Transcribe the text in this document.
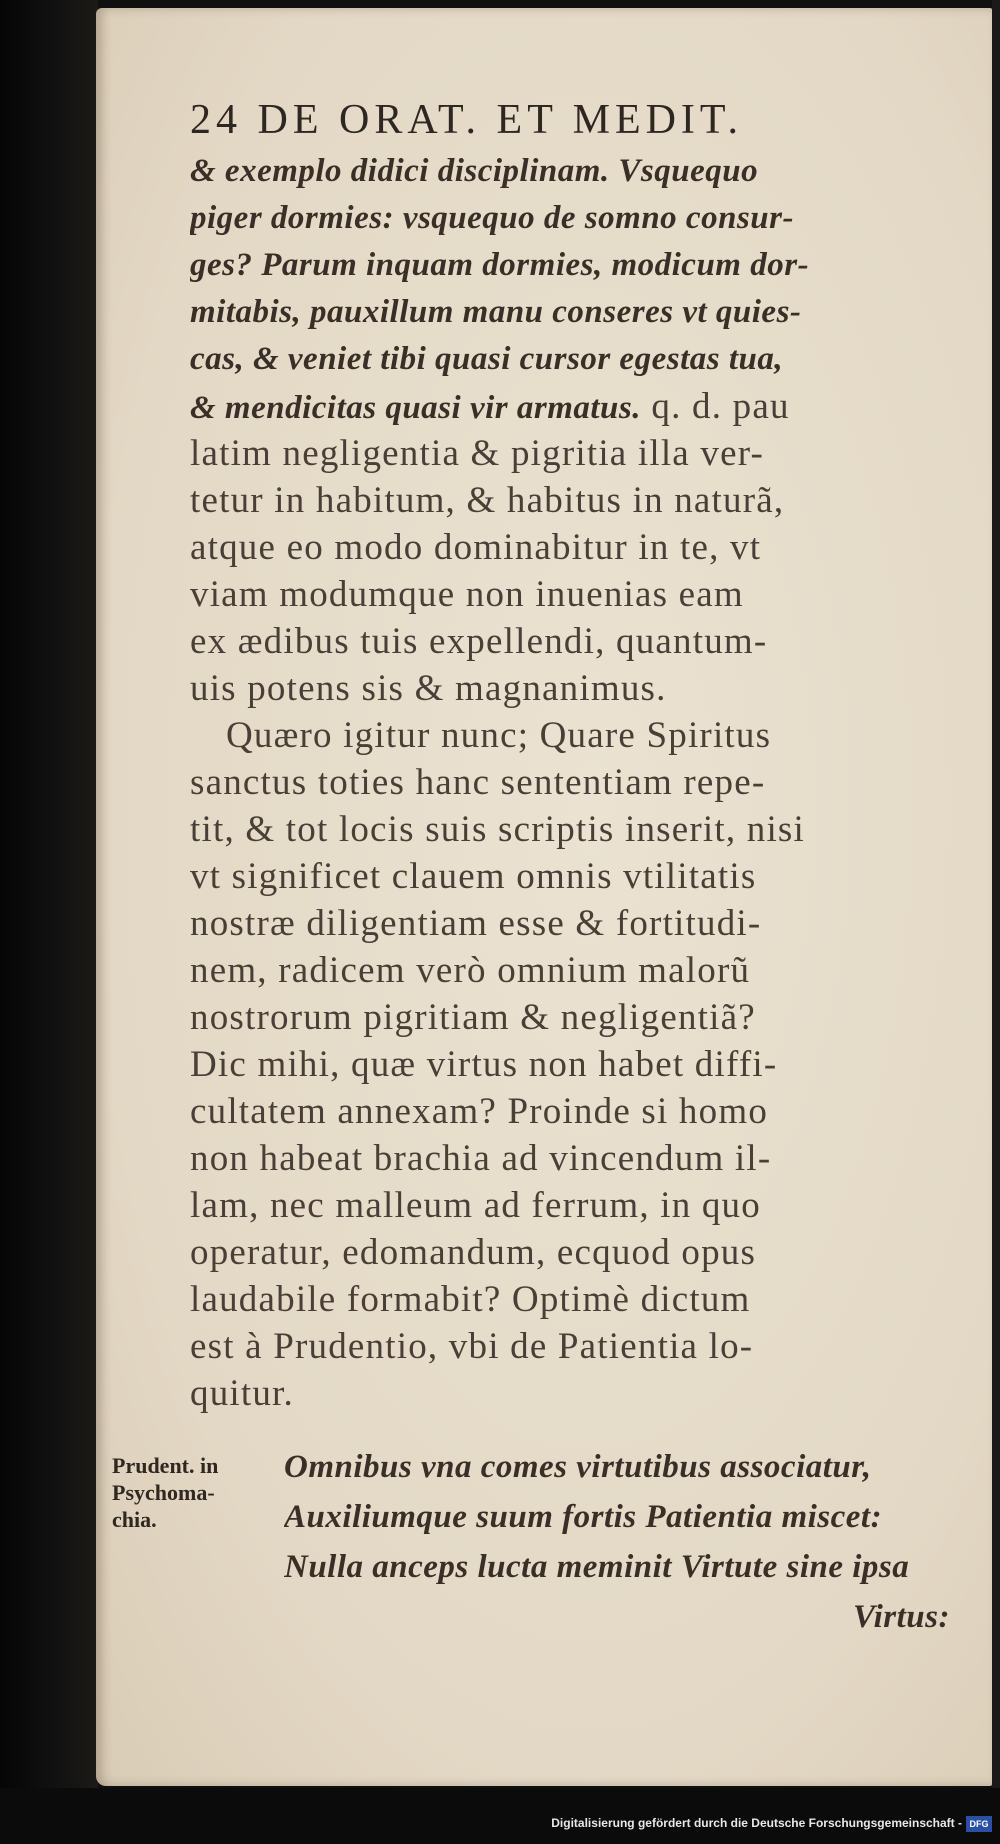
24 DE ORAT. ET MEDIT.
& exemplo didici disciplinam. Vsquequo
piger dormies: vsquequo de somno consur-
ges? Parum inquam dormies, modicum dor-
mitabis, pauxillum manu conseres vt quies-
cas, & veniet tibi quasi cursor egestas tua,
& mendicitas quasi vir armatus. q. d. pau
latim negligentia & pigritia illa ver-
tetur in habitum, & habitus in naturã,
atque eo modo dominabitur in te, vt
viam modumque non inuenias eam
ex ædibus tuis expellendi, quantum-
uis potens sis & magnanimus.
Quæro igitur nunc; Quare Spiritus
sanctus toties hanc sententiam repe-
tit, & tot locis suis scriptis inserit, nisi
vt significet clauem omnis vtilitatis
nostræ diligentiam esse & fortitudi-
nem, radicem verò omnium malorũ
nostrorum pigritiam & negligentiã?
Dic mihi, quæ virtus non habet diffi-
cultatem annexam? Proinde si homo
non habeat brachia ad vincendum il-
lam, nec malleum ad ferrum, in quo
operatur, edomandum, ecquod opus
laudabile formabit? Optimè dictum
est à Prudentio, vbi de Patientia lo-
quitur.
Prudent. in
Psychoma-
chia.
Omnibus vna comes virtutibus associatur,
Auxiliumque suum fortis Patientia miscet:
Nulla anceps lucta meminit Virtute sine ipsa
Virtus:
Digitalisierung gefördert durch die Deutsche Forschungsgemeinschaft - DFG
